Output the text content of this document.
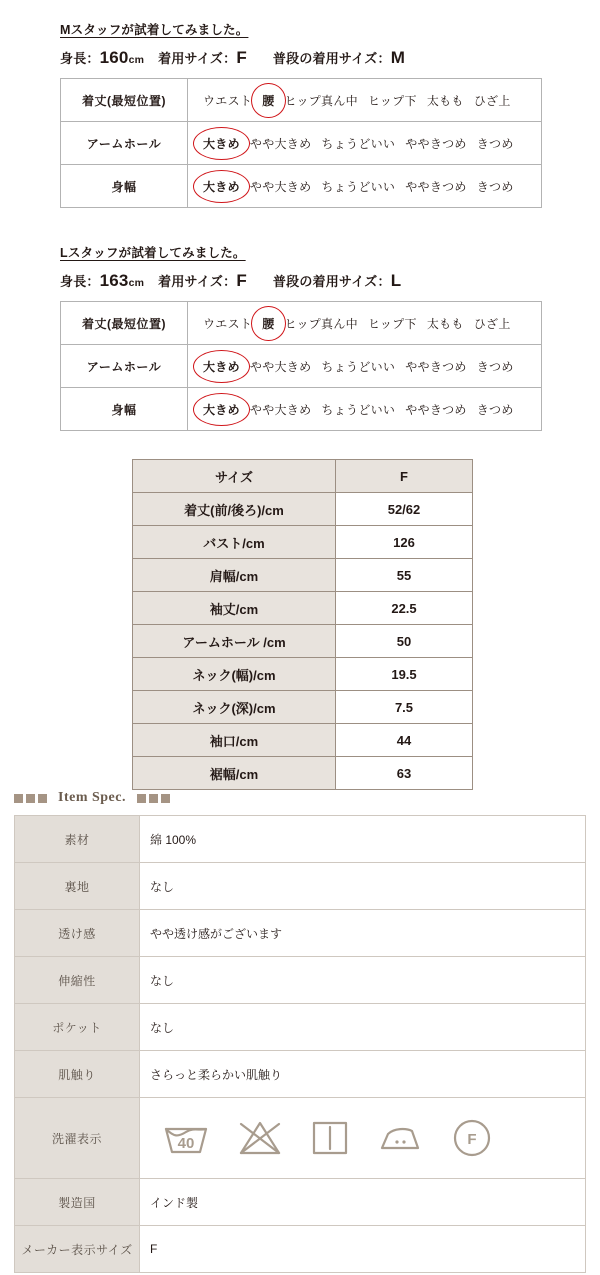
Mスタッフが試着してみました。
身長：160cm 着用サイズ：F 普段の着用サイズ：M
着丈(最短位置)	ウエスト 腰 ヒップ真ん中 ヒップ下 太もも ひざ上
アームホール	大きめ やや大きめ ちょうどいい ややきつめ きつめ
身幅	大きめ やや大きめ ちょうどいい ややきつめ きつめ
Lスタッフが試着してみました。
身長：163cm 着用サイズ：F 普段の着用サイズ：L
着丈(最短位置)	ウエスト 腰 ヒップ真ん中 ヒップ下 太もも ひざ上
アームホール	大きめ やや大きめ ちょうどいい ややきつめ きつめ
身幅	大きめ やや大きめ ちょうどいい ややきつめ きつめ
サイズ	F
着丈(前/後ろ)/cm	52/62
バスト/cm	126
肩幅/cm	55
袖丈/cm	22.5
アームホール /cm	50
ネック(幅)/cm	19.5
ネック(深)/cm	7.5
袖口/cm	44
裾幅/cm	63
Item Spec.
素材	綿 100%
裏地	なし
透け感	やや透け感がございます
伸縮性	なし
ポケット	なし
肌触り	さらっと柔らかい肌触り
洗濯表示	40 F

製造国	インド製
メーカー表示サイズ	F
